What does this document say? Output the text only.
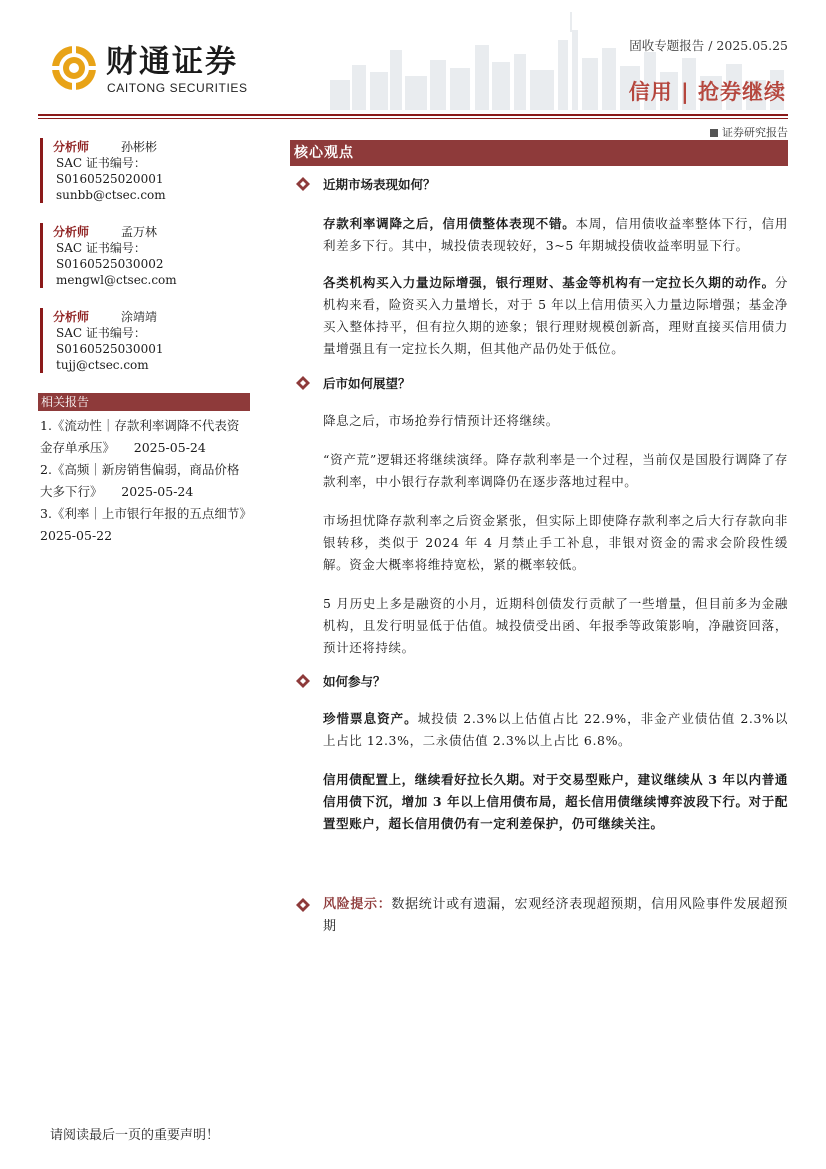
财通证券
CAITONG SECURITIES
固收专题报告 / 2025.05.25
信用 | 抢券继续
证券研究报告
分析师	孙彬彬
SAC 证书编号：S0160525020001
sunbb@ctsec.com
分析师	孟万林
SAC 证书编号：S0160525030002
mengwl@ctsec.com
分析师	涂靖靖
SAC 证书编号：S0160525030001
tujj@ctsec.com
相关报告
1.《流动性｜存款利率调降不代表资金存单承压》　　2025-05-24
2.《高频｜新房销售偏弱，商品价格大多下行》　　2025-05-24
3.《利率｜上市银行年报的五点细节》2025-05-22
核心观点
近期市场表现如何？
存款利率调降之后，信用债整体表现不错。本周，信用债收益率整体下行，信用利差多下行。其中，城投债表现较好，3~5 年期城投债收益率明显下行。
各类机构买入力量边际增强，银行理财、基金等机构有一定拉长久期的动作。分机构来看，险资买入力量增长，对于 5 年以上信用债买入力量边际增强；基金净买入整体持平，但有拉久期的迹象；银行理财规模创新高，理财直接买信用债力量增强且有一定拉长久期，但其他产品仍处于低位。
后市如何展望？
降息之后，市场抢券行情预计还将继续。
“资产荒”逻辑还将继续演绎。降存款利率是一个过程，当前仅是国股行调降了存款利率，中小银行存款利率调降仍在逐步落地过程中。
市场担忧降存款利率之后资金紧张，但实际上即使降存款利率之后大行存款向非银转移，类似于 2024 年 4 月禁止手工补息，非银对资金的需求会阶段性缓解。资金大概率将维持宽松，紧的概率较低。
5 月历史上多是融资的小月，近期科创债发行贡献了一些增量，但目前多为金融机构，且发行明显低于估值。城投债受出函、年报季等政策影响，净融资回落，预计还将持续。
如何参与？
珍惜票息资产。城投债 2.3%以上估值占比 22.9%，非金产业债估值 2.3%以上占比 12.3%，二永债估值 2.3%以上占比 6.8%。
信用债配置上，继续看好拉长久期。对于交易型账户，建议继续从 3 年以内普通信用债下沉，增加 3 年以上信用债布局，超长信用债继续博弈波段下行。对于配置型账户，超长信用债仍有一定利差保护，仍可继续关注。
风险提示：数据统计或有遗漏，宏观经济表现超预期，信用风险事件发展超预期
请阅读最后一页的重要声明！
